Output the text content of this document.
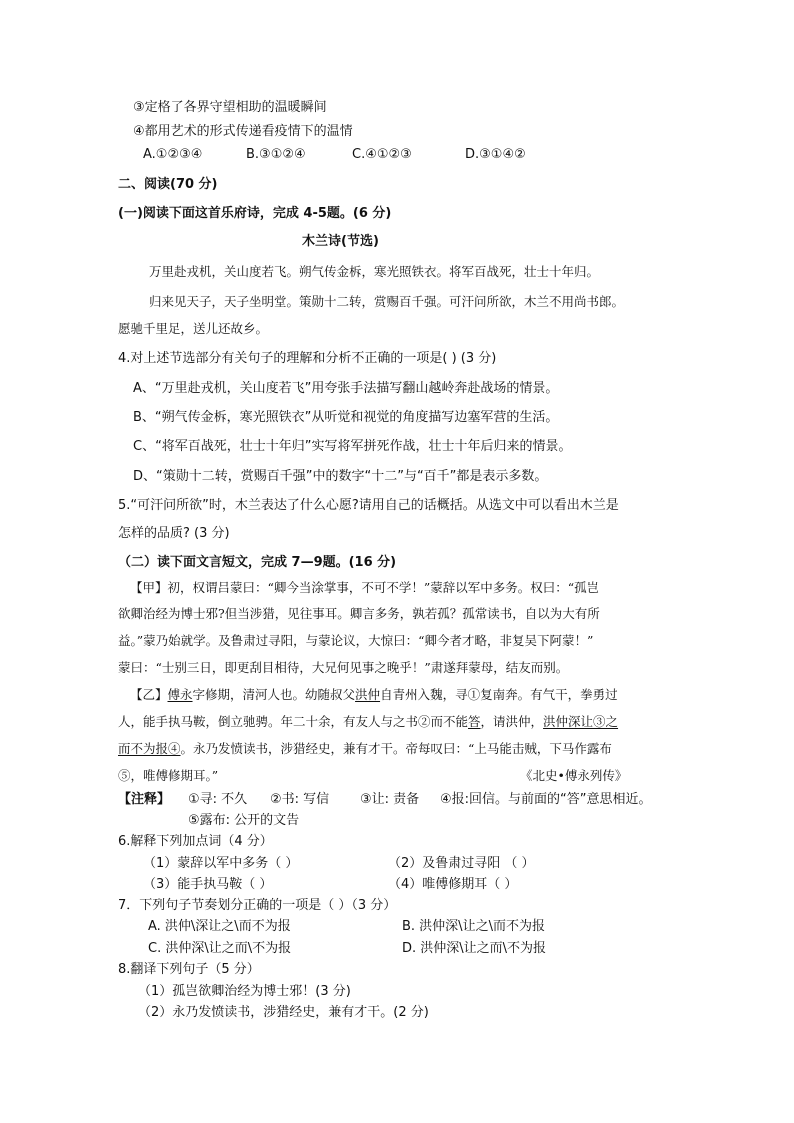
③定格了各界守望相助的温暖瞬间
④都用艺术的形式传递看疫情下的温情
A.①②③④	B.③①②④	C.④①②③	D.③①④②
二、阅读(70 分)
(一)阅读下面这首乐府诗，完成 4-5题。(6 分)
木兰诗(节选)
万里赴戎机，关山度若飞。朔气传金柝，寒光照铁衣。将军百战死，壮士十年归。
归来见天子，天子坐明堂。策勋十二转，赏赐百千强。可汗问所欲，木兰不用尚书郎。
愿驰千里足，送儿还故乡。
4.对上述节选部分有关句子的理解和分析不正确的一项是( ) (3 分)
A、“万里赴戎机，关山度若飞”用夸张手法描写翻山越岭奔赴战场的情景。
B、“朔气传金柝，寒光照铁衣”从听觉和视觉的角度描写边塞军营的生活。
C、“将军百战死，壮士十年归”实写将军拼死作战，壮士十年后归来的情景。
D、“策勋十二转，赏赐百千强”中的数字“十二”与“百千”都是表示多数。
5.“可汗问所欲”时，木兰表达了什么心愿?请用自己的话概括。从选文中可以看出木兰是
怎样的品质? (3 分)
（二）读下面文言短文，完成 7—9题。(16 分)
【甲】初，权谓吕蒙曰：“卿今当涂掌事，不可不学！”蒙辞以军中多务。权曰：“孤岂
欲卿治经为博士邪?但当涉猎，见往事耳。卿言多务，孰若孤？孤常读书，自以为大有所
益。”蒙乃始就学。及鲁肃过寻阳，与蒙论议，大惊曰：“卿今者才略，非复吴下阿蒙！”
蒙曰：“士别三日，即更刮目相待，大兄何见事之晚乎！”肃遂拜蒙母，结友而别。
【乙】傅永字修期，清河人也。幼随叔父洪仲自青州入魏，寻①复南奔。有气干，拳勇过
人，能手执马鞍，倒立驰骋。年二十余，有友人与之书②而不能答，请洪仲，洪仲深让③之
而不为报④。永乃发愤读书，涉猎经史，兼有才干。帝每叹曰：“上马能击贼，下马作露布
⑤，唯傅修期耳。”	《北史•傅永列传》
【注释】 ①寻: 不久 ②书: 写信 ③让: 责备 ④报:回信。与前面的“答”意思相近。
⑤露布: 公开的文告
6.解释下列加点词（4 分）
（1）蒙辞以军中多务（ ）	（2）及鲁肃过寻阳 （ ）
（3）能手执马鞍（ ）	（4）唯傅修期耳（ ）
7．下列句子节奏划分正确的一项是（ ）（3 分）
A. 洪仲\深让之\而不为报	B. 洪仲深\让之\而不为报
C. 洪仲深\让之而\不为报	D. 洪仲深\让之而\不为报
8.翻译下列句子（5 分）
（1）孤岂欲卿治经为博士邪！(3 分)
（2）永乃发愤读书，涉猎经史，兼有才干。(2 分)
